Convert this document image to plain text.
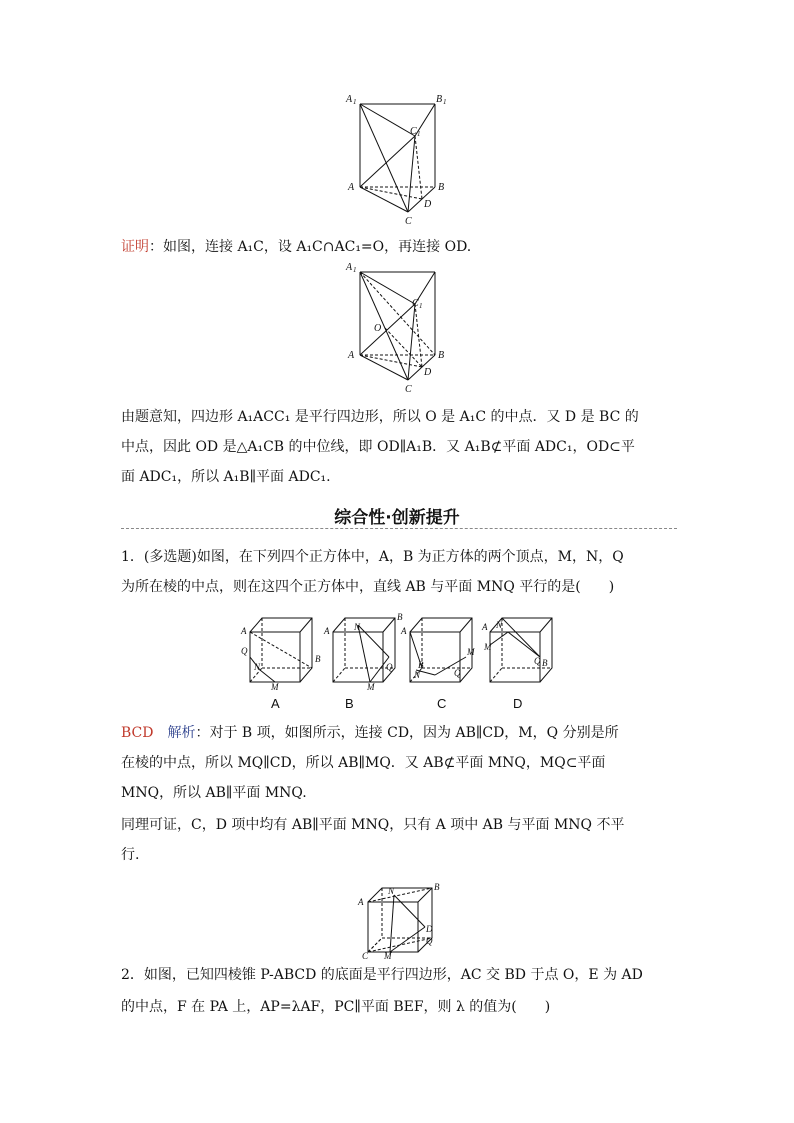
A 1	B 1
C 1
A	B
C
D
证明：如图，连接 A₁C，设 A₁C∩AC₁=O，再连接 OD.
A 1
C 1
O
A	B
C
D
由题意知，四边形 A₁ACC₁ 是平行四边形，所以 O 是 A₁C 的中点．又 D 是 BC 的
中点，因此 OD 是△A₁CB 的中位线，即 OD∥A₁B．又 A₁B⊄平面 ADC₁，OD⊂平
面 ADC₁，所以 A₁B∥平面 ADC₁.
综合性·创新提升
1．(多选题)如图，在下列四个正方体中，A，B 为正方体的两个顶点，M，N，Q
为所在棱的中点，则在这四个正方体中，直线 AB 与平面 MNQ 平行的是(　　)
A
B
Q
N
M
A
B
N
Q
M
A
B
M
N	Q
A N
M
Q B
A	B	C	D
BCD　 解析：对于 B 项，如图所示，连接 CD，因为 AB∥CD，M，Q 分别是所
在棱的中点，所以 MQ∥CD，所以 AB∥MQ．又 AB⊄平面 MNQ，MQ⊂平面
MNQ，所以 AB∥平面 MNQ.
同理可证，C，D 项中均有 AB∥平面 MNQ，只有 A 项中 AB 与平面 MNQ 不平
行.
A
B
N
D
Q
C M
2．如图，已知四棱锥 P-ABCD 的底面是平行四边形，AC 交 BD 于点 O，E 为 AD
的中点，F 在 PA 上，AP=λAF，PC∥平面 BEF，则 λ 的值为(　　)
